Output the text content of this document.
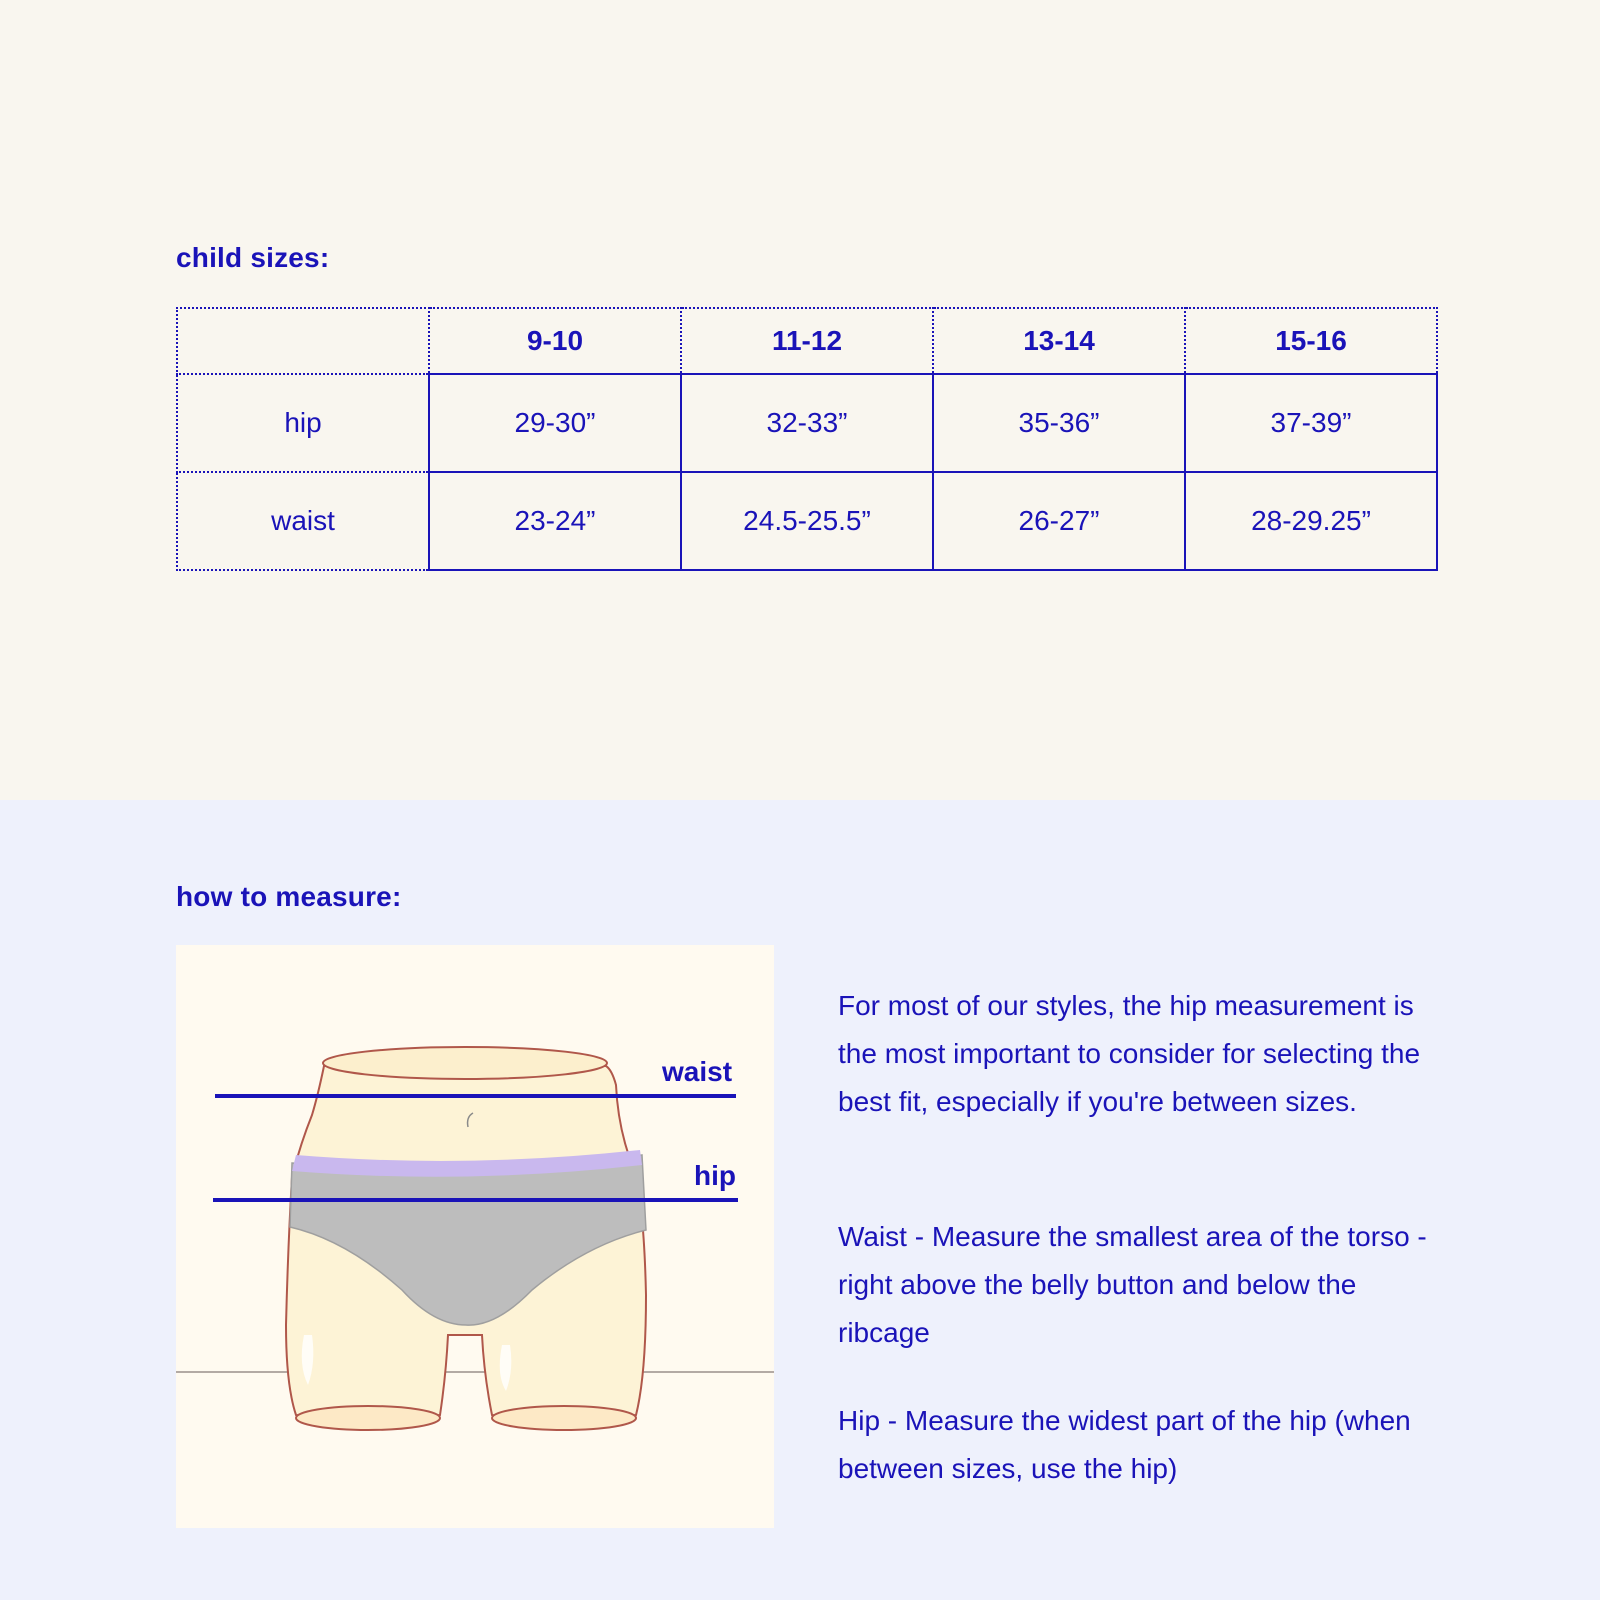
child sizes:
	9-10	11-12	13-14	15-16
hip	29-30”	32-33”	35-36”	37-39”
waist	23-24”	24.5-25.5”	26-27”	28-29.25”
how to measure:
waist
hip

For most of our styles, the hip measurement is the most important to consider for selecting the best fit, especially if you're between sizes.

Waist - Measure the smallest area of the torso - right above the belly button and below the ribcage

Hip - Measure the widest part of the hip (when between sizes, use the hip)
